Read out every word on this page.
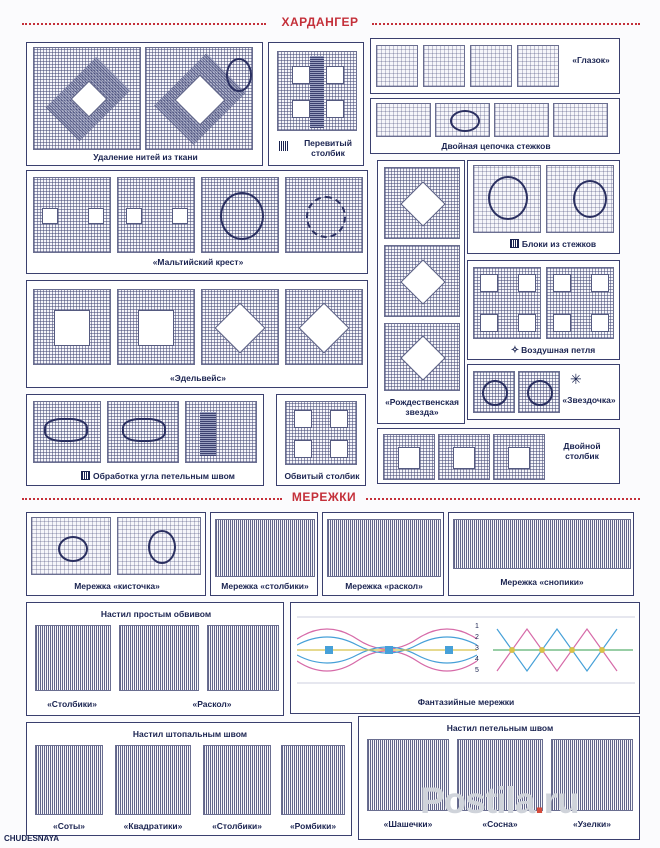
ХАРДАНГЕР
Удаление нитей из ткани
Перевитый
столбик
«Глазок»
Двойная цепочка стежков
«Мальтийский крест»
«Рождественская
звезда»
Блоки из стежков
✧ Воздушная петля
«Эдельвейс»	✳
«Звездочка»
Обработка угла петельным швом	Обвитый столбик
Двойной
столбик
МЕРЕЖКИ
Мережка «кисточка»	Мережка «столбики»	Мережка «раскол»	Мережка «снопики»
Настил простым обвивом
«Столбики»	«Раскол»
1
2
3
4
5
Фантазийные мережки
Настил штопальным швом
«Соты»	«Квадратики»	«Столбики»	«Ромбики»
Настил петельным швом
«Шашечки»	«Сосна»	«Узелки»
Postila.ru
CHUDESNAYA
